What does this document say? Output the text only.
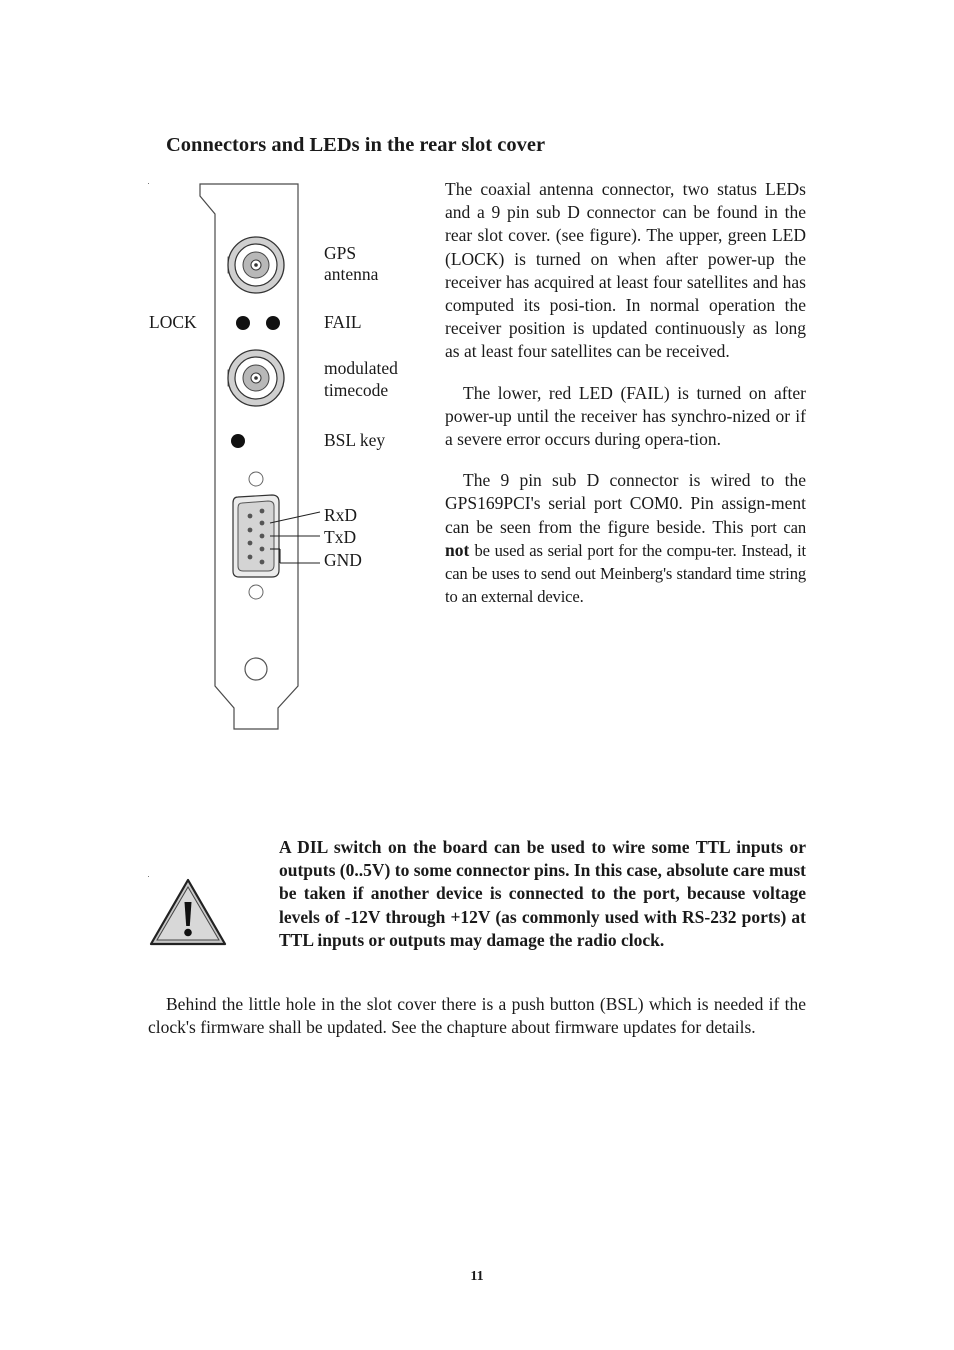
Connectors and LEDs in the rear slot cover
GPS
antenna
LOCK	FAIL
modulated
timecode
BSL key
RxD
TxD
GND

The coaxial antenna connector, two status LEDs and a 9 pin sub D connector can be found in the rear slot cover. (see figure). The upper, green LED (LOCK) is turned on when after power-up the receiver has acquired at least four satellites and has computed its posi-tion. In normal operation the receiver position is updated continuously as long as at least four satellites can be received.

The lower, red LED (FAIL) is turned on after power-up until the receiver has synchro-nized or if a severe error occurs during opera-tion.

The 9 pin sub D connector is wired to the GPS169PCI's serial port COM0. Pin assign-ment can be seen from the figure beside. This port can not be used as serial port for the compu-ter. Instead, it can be uses to send out Meinberg's standard time string to an external device.

A DIL switch on the board can be used to wire some TTL inputs or outputs (0..5V) to some connector pins. In this case, absolute care must be taken if another device is connected to the port, because voltage levels of -12V through +12V (as commonly used with RS-232 ports) at TTL inputs or outputs may damage the radio clock.

Behind the little hole in the slot cover there is a push button (BSL) which is needed if the clock's firmware shall be updated. See the chapture about firmware updates for details.

11
